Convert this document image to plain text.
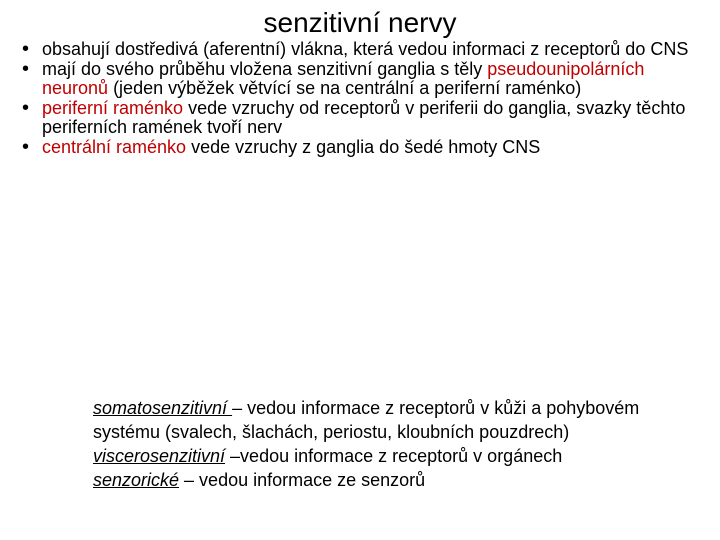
senzitivní nervy
• obsahují dostředivá (aferentní) vlákna, která vedou informaci z receptorů do CNS
• mají do svého průběhu vložena senzitivní ganglia s těly pseudounipolárních neuronů (jeden výběžek větvící se na centrální a periferní raménko)
• periferní raménko vede vzruchy od receptorů v periferii do ganglia, svazky těchto periferních ramének tvoří nerv
• centrální raménko vede vzruchy z ganglia do šedé hmoty CNS
somatosenzitivní – vedou informace z receptorů v kůži a pohybovém systému (svalech, šlachách, periostu, kloubních pouzdrech)
viscerosenzitivní –vedou informace z receptorů v orgánech
senzorické – vedou informace ze senzorů
